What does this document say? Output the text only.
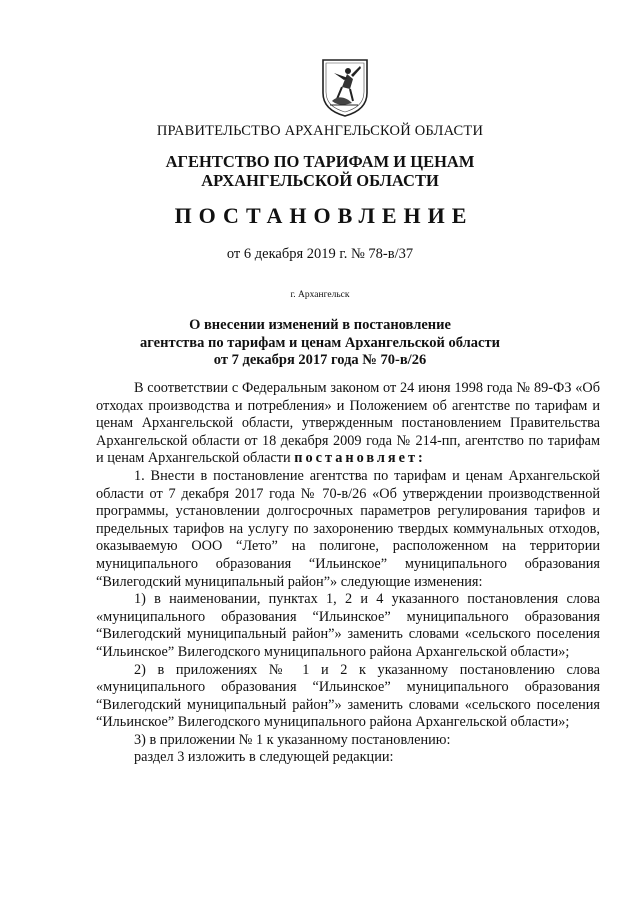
ПРАВИТЕЛЬСТВО АРХАНГЕЛЬСКОЙ ОБЛАСТИ
АГЕНТСТВО ПО ТАРИФАМ И ЦЕНАМ
АРХАНГЕЛЬСКОЙ ОБЛАСТИ
ПОСТАНОВЛЕНИЕ
от 6 декабря 2019 г. № 78-в/37
г. Архангельск
О внесении изменений в постановление
агентства по тарифам и ценам Архангельской области
от 7 декабря 2017 года № 70-в/26

В соответствии с Федеральным законом от 24 июня 1998 года № 89-ФЗ «Об отходах производства и потребления» и Положением об агентстве по тарифам и ценам Архангельской области, утвержденным постановлением Правительства Архангельской области от 18 декабря 2009 года № 214-пп, агентство по тарифам и ценам Архангельской области постановляет:

1. Внести в постановление агентства по тарифам и ценам Архангельской области от 7 декабря 2017 года № 70-в/26 «Об утверждении производственной программы, установлении долгосрочных параметров регулирования тарифов и предельных тарифов на услугу по захоронению твердых коммунальных отходов, оказываемую ООО “Лето” на полигоне, расположенном на территории муниципального образования “Ильинское” муниципального образования “Вилегодский муниципальный район”» следующие изменения:

1) в наименовании, пунктах 1, 2 и 4 указанного постановления слова «муниципального образования “Ильинское” муниципального образования “Вилегодский муниципальный район”» заменить словами «сельского поселения “Ильинское” Вилегодского муниципального района Архангельской области»;

2) в приложениях № 1 и 2 к указанному постановлению слова «муниципального образования “Ильинское” муниципального образования “Вилегодский муниципальный район”» заменить словами «сельского поселения “Ильинское” Вилегодского муниципального района Архангельской области»;

3) в приложении № 1 к указанному постановлению:

раздел 3 изложить в следующей редакции:
